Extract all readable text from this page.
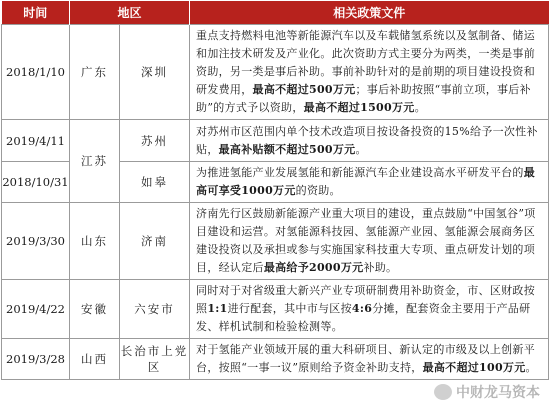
时间	地区		相关政策文件
2018/1/10	广东	深圳	重点支持燃料电池等新能源汽车以及车载储氢系统以及氢制备、储运和加注技术研发及产业化。此次资助方式主要分为两类，一类是事前资助，另一类是事后补助。事前补助针对的是前期的项目建设投资和研发费用，最高不超过500万元；事后补助按照“事前立项，事后补助”的方式予以资助，最高不超过1500万元。
2019/4/11	江苏	苏州	对苏州市区范围内单个技术改造项目按设备投资的15%给予一次性补贴，最高补贴额不超过500万元。
2018/10/31		如皋	为推进氢能产业发展氢能和新能源汽车企业建设高水平研发平台的最高可享受1000万元的资助。
2019/3/30	山东	济南	济南先行区鼓励新能源产业重大项目的建设，重点鼓励“中国氢谷”项目建设和运营。对氢能源科技园、氢能源产业园、氢能源会展商务区建设投资以及承担或参与实施国家科技重大专项、重点研发计划的项目，经认定后最高给予2000万元补助。
2019/4/22	安徽	六安市	同时对于对省级重大新兴产业专项研制费用补助资金，市、区财政按照1:1进行配套，其中市与区按4:6分摊，配套资金主要用于产品研发、样机试制和检验检测等。
2019/3/28	山西	长治市上党区	对于氢能产业领域开展的重大科研项目、新认定的市级及以上创新平台，按照“一事一议”原则给予资金补助支持，最高不超过100万元。
中财龙马资本
